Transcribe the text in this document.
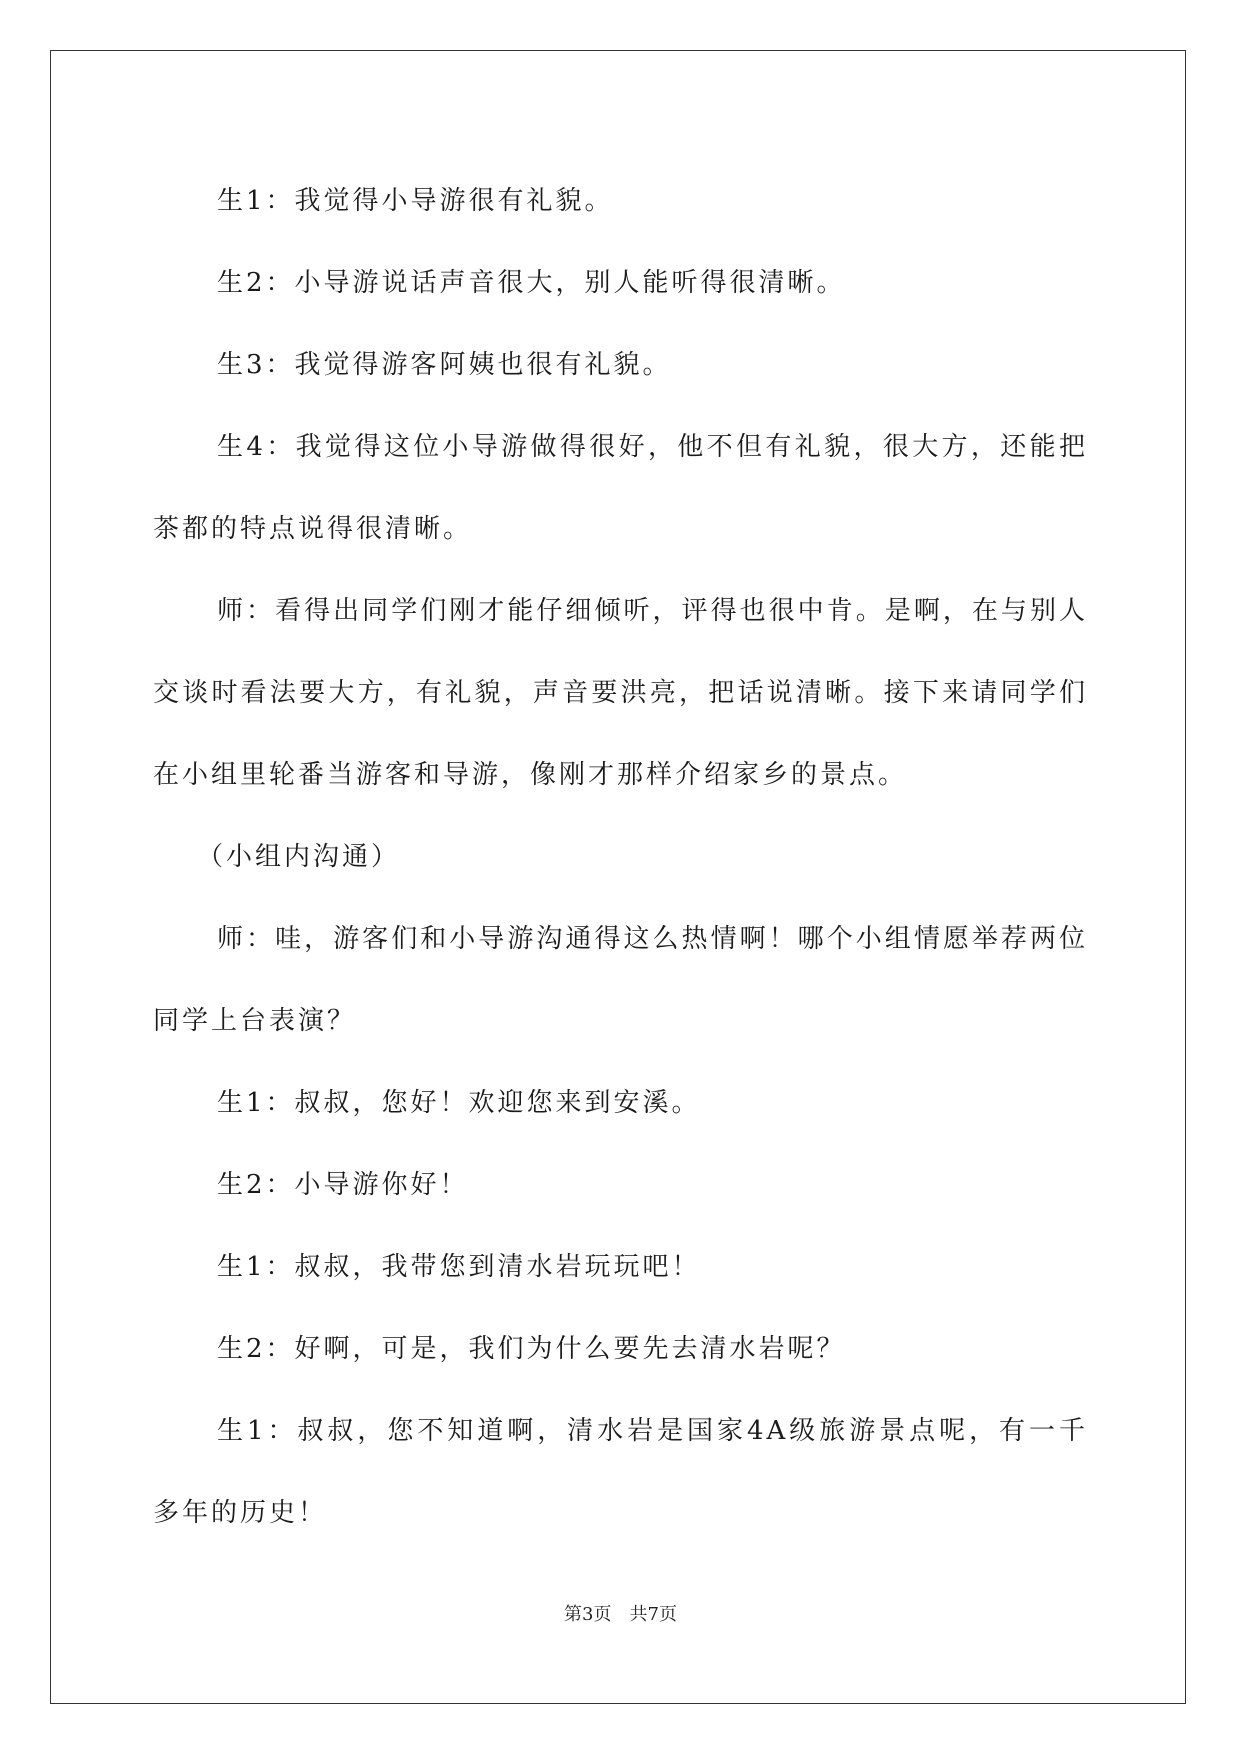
生1：我觉得小导游很有礼貌。

生2：小导游说话声音很大，别人能听得很清晰。

生3：我觉得游客阿姨也很有礼貌。

生4：我觉得这位小导游做得很好，他不但有礼貌，很大方，还能把茶都的特点说得很清晰。

师：看得出同学们刚才能仔细倾听，评得也很中肯。是啊，在与别人交谈时看法要大方，有礼貌，声音要洪亮，把话说清晰。接下来请同学们在小组里轮番当游客和导游，像刚才那样介绍家乡的景点。

（小组内沟通）

师：哇，游客们和小导游沟通得这么热情啊！哪个小组情愿举荐两位同学上台表演？

生1：叔叔，您好！欢迎您来到安溪。

生2：小导游你好！

生1：叔叔，我带您到清水岩玩玩吧！

生2：好啊，可是，我们为什么要先去清水岩呢？

生1：叔叔，您不知道啊，清水岩是国家4A级旅游景点呢，有一千多年的历史！

第3页 共7页
